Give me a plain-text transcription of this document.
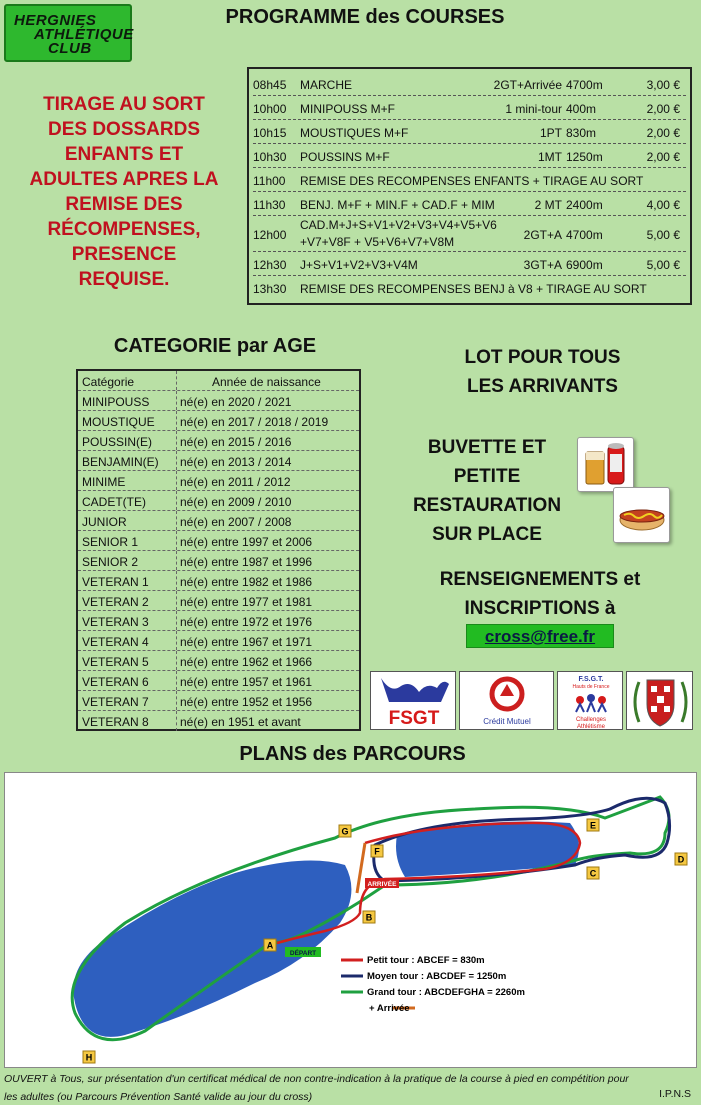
HERGNIES
ATHLÉTIQUE
CLUB
PROGRAMME des COURSES
08h45 MARCHE	2GT+Arrivée 4700m	3,00 €
10h00 MINIPOUSS M+F	1 mini-tour 400m	2,00 €
10h15 MOUSTIQUES M+F	1PT 830m	2,00 €
10h30 POUSSINS M+F	1MT 1250m	2,00 €
11h00 REMISE DES RECOMPENSES ENFANTS + TIRAGE AU SORT
11h30 BENJ. M+F + MIN.F + CAD.F + MIM	2 MT 2400m	4,00 €
12h00
CAD.M+J+S+V1+V2+V3+V4+V5+V6
+V7+V8F + V5+V6+V7+V8M	2GT+A 4700m	5,00 €
12h30 J+S+V1+V2+V3+V4M	3GT+A 6900m	5,00 €
13h30 REMISE DES RECOMPENSES BENJ à V8 + TIRAGE AU SORT
TIRAGE AU SORT
DES DOSSARDS
ENFANTS ET
ADULTES APRES LA
REMISE DES
RÉCOMPENSES,
PRESENCE
REQUISE.
CATEGORIE par AGE
Catégorie	Année de naissance
MINIPOUSS	né(e) en 2020 / 2021
MOUSTIQUE né(e) en 2017 / 2018 / 2019
POUSSIN(E) né(e) en 2015 / 2016
BENJAMIN(E) né(e) en 2013 / 2014
MINIME	né(e) en 2011 / 2012
CADET(TE)	né(e) en 2009 / 2010
JUNIOR	né(e) en 2007 / 2008
SENIOR 1	né(e) entre 1997 et 2006
SENIOR 2	né(e) entre 1987 et 1996
VETERAN 1	né(e) entre 1982 et 1986
VETERAN 2	né(e) entre 1977 et 1981
VETERAN 3	né(e) entre 1972 et 1976
VETERAN 4	né(e) entre 1967 et 1971
VETERAN 5	né(e) entre 1962 et 1966
VETERAN 6	né(e) entre 1957 et 1961
VETERAN 7	né(e) entre 1952 et 1956
VETERAN 8	né(e) en 1951 et avant
LOT POUR TOUS
LES ARRIVANTS
BUVETTE ET
PETITE
RESTAURATION
SUR PLACE
RENSEIGNEMENTS et
INSCRIPTIONS à
cross@free.fr
FSGT	Crédit Mutuel
F.S.G.T.
Hauts de France
Challenges
Athlétisme
PLANS des PARCOURS
A
B
C
D
E
F
G
H
DÉPART
ARRIVÉE
Petit tour : ABCEF = 830m
Moyen tour : ABCDEF = 1250m
Grand tour : ABCDEFGHA = 2260m
+ Arrivée
OUVERT à Tous, sur présentation d'un certificat médical de non contre-indication à la pratique de la course à pied en compétition pour
les adultes (ou Parcours Prévention Santé valide au jour du cross)	I.P.N.S
